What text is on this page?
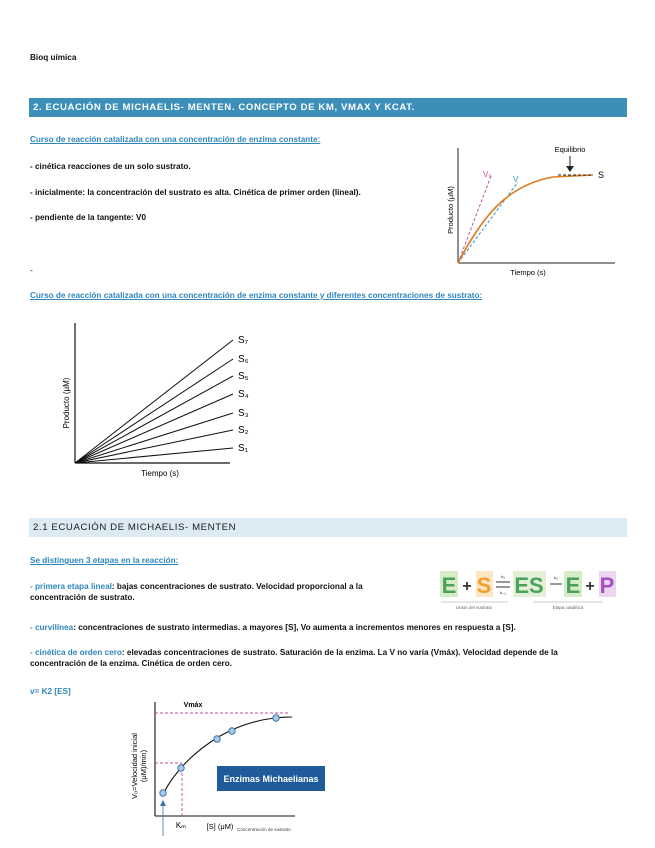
Bioq uímica
2. ECUACIÓN DE MICHAELIS- MENTEN. CONCEPTO DE KM, VMAX Y KCAT.
Curso de reacción catalizada con una concentración de enzima constante:
- cinética reacciones de un solo sustrato.
- inicialmente: la concentración del sustrato es alta. Cinética de primer orden (lineal).
- pendiente de la tangente: V0
-
Equilibrio
S
V₀
V
Producto (μM)
Tiempo (s)
Curso de reacción catalizada con una concentración de enzima constante y diferentes concentraciones de sustrato:
S₇
S₆
S₅
S₄
S₃
S₂
S₁
Producto (μM)
Tiempo (s)
2.1 ECUACIÓN DE MICHAELIS- MENTEN
Se distinguen 3 etapas en la reacción:
- primera etapa lineal: bajas concentraciones de sustrato. Velocidad proporcional a la
concentración de sustrato.	E + S k₁
k₋₁ ES	k₂ E + P
Unión del sustrato	Etapa catalítica
- curvilínea: concentraciones de sustrato intermedias. a mayores [S], Vo aumenta a incrementos menores en respuesta a [S].
- cinética de orden cero: elevadas concentraciones de sustrato. Saturación de la enzima. La V no varía (Vmáx). Velocidad depende de la
concentración de la enzima. Cinética de orden cero.
v= K2 [ES]
Vmáx
V₀=Velocidad inicial (μM)/min)
Kₘ	[S] (μM) Concentración de sustrato
Enzimas Michaelianas
